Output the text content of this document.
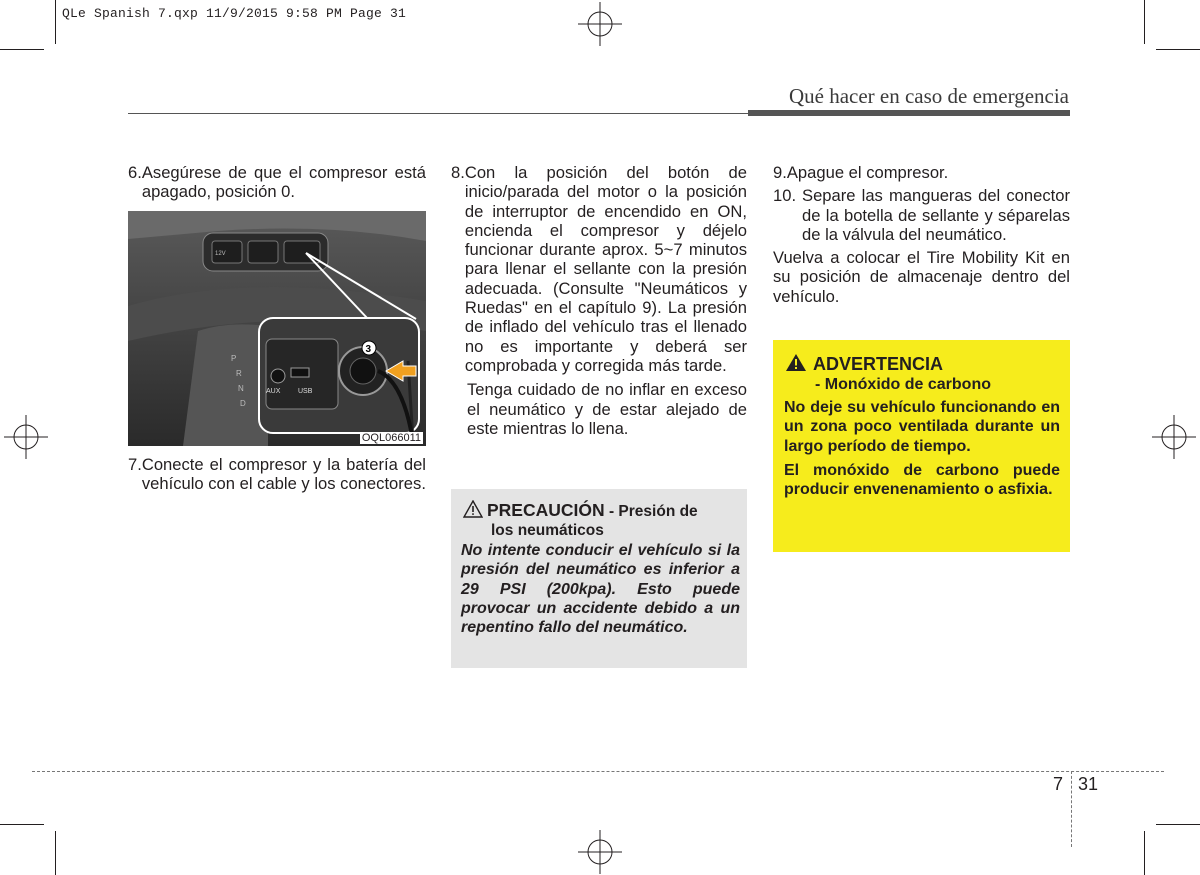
QLe Spanish 7.qxp 11/9/2015 9:58 PM Page 31
Qué hacer en caso de emergencia
6. Asegúrese de que el compresor está apagado, posición 0.
P
R
N
D
AUX	USB
3
12V
OQL066011
7. Conecte el compresor y la batería del vehículo con el cable y los conectores.
8. Con la posición del botón de inicio/parada del motor o la posición de interruptor de encendido en ON, encienda el compresor y déjelo funcionar durante aprox. 5~7 minutos para llenar el sellante con la presión adecuada. (Consulte "Neumáticos y Ruedas" en el capítulo 9). La presión de inflado del vehículo tras el llenado no es importante y deberá ser comprobada y corregida más tarde.

Tenga cuidado de no inflar en exceso el neumático y de estar alejado de este mientras lo llena.

PRECAUCIÓN - Presión de
los neumáticos
No intente conducir el vehículo si la presión del neumático es inferior a 29 PSI (200kpa). Esto puede provocar un accidente debido a un repentino fallo del neumático.
9. Apague el compresor.
10. Separe las mangueras del conector de la botella de sellante y séparelas de la válvula del neumático.

Vuelva a colocar el Tire Mobility Kit en su posición de almacenaje dentro del vehículo.

ADVERTENCIA
- Monóxido de carbono

No deje su vehículo funcionando en un zona poco ventilada durante un largo período de tiempo.

El monóxido de carbono puede producir envenenamiento o asfixia.

7 31
